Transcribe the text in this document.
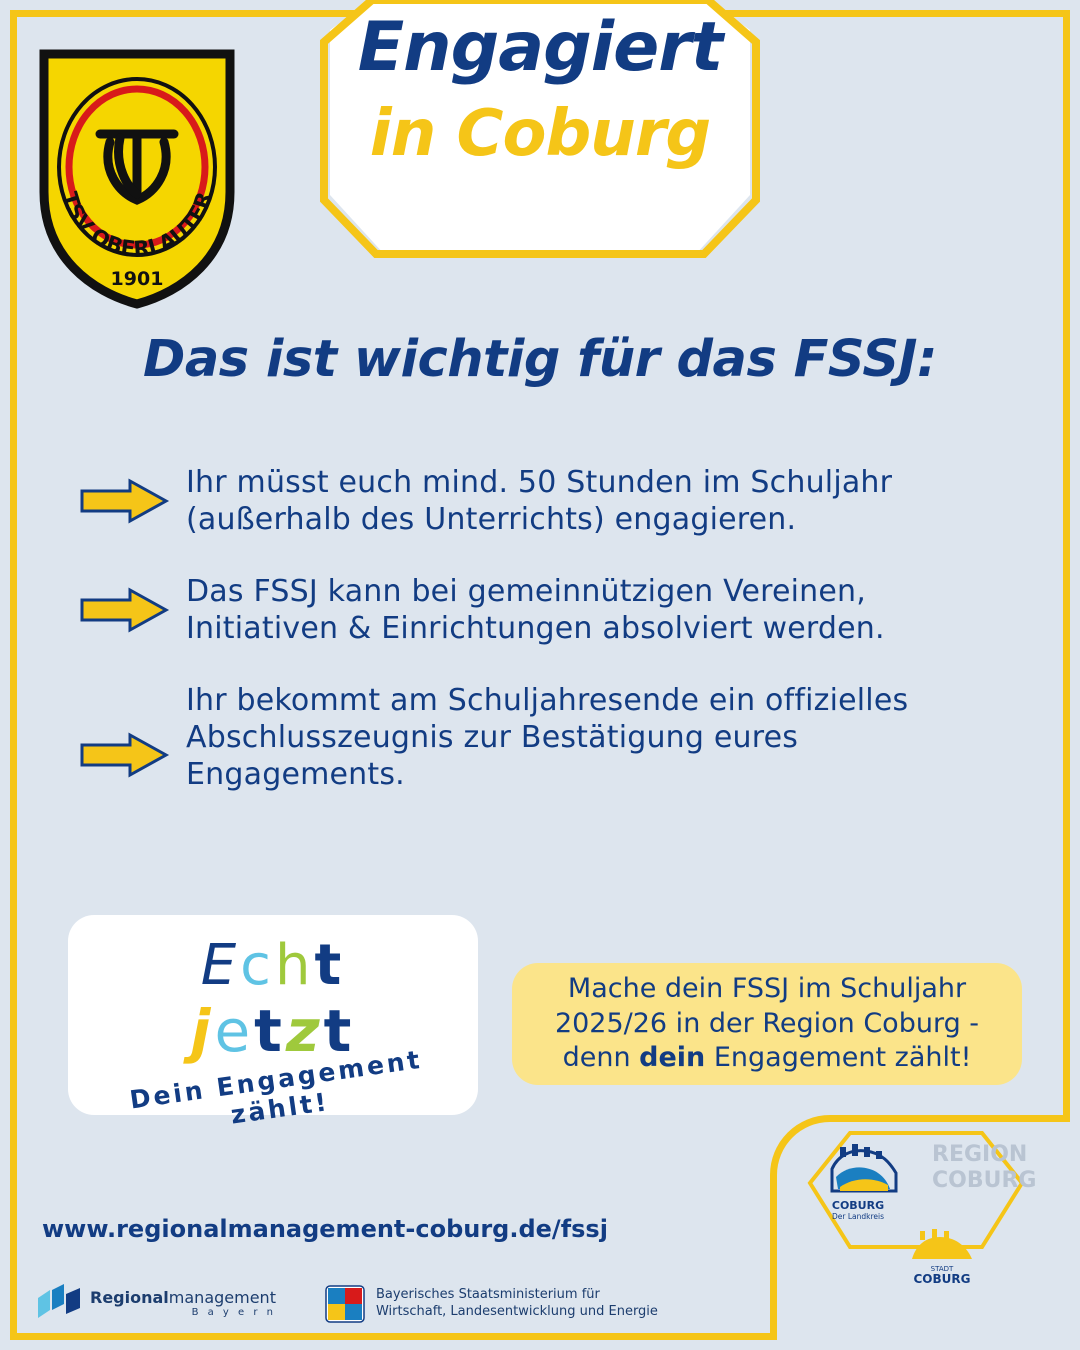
Engagiert
in Coburg
TSV OBERLAUTER
1901
Das ist wichtig für das FSSJ:
Ihr müsst euch mind. 50 Stunden im Schuljahr (außerhalb des Unterrichts) engagieren.
Das FSSJ kann bei gemeinnützigen Vereinen, Initiativen & Einrichtungen absolviert werden.
Ihr bekommt am Schuljahresende ein offizielles Abschlusszeugnis zur Bestätigung eures Engagements.
Echt
jetzt
Dein Engagement zählt!
Mache dein FSSJ im Schuljahr
2025/26 in der Region Coburg -
denn dein Engagement zählt!
COBURG
Der Landkreis
REGION
COBURG
STADT
COBURG
www.regionalmanagement-coburg.de/fssj
Regionalmanagement
B a y e r n
Bayerisches Staatsministerium für
Wirtschaft, Landesentwicklung und Energie
